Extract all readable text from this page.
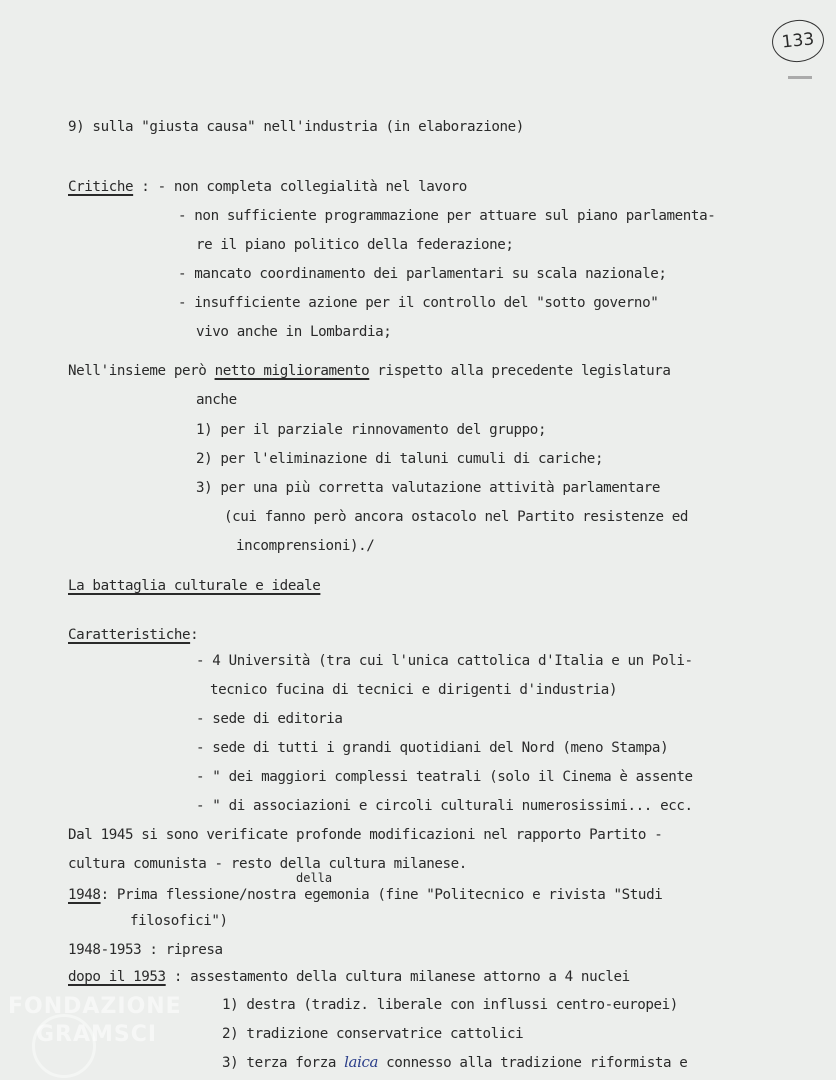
133
9) sulla "giusta causa" nell'industria (in elaborazione)
Critiche : - non completa collegialità nel lavoro
- non sufficiente programmazione per attuare sul piano parlamenta-
re il piano politico della federazione;
- mancato coordinamento dei parlamentari su scala nazionale;
- insufficiente azione per il controllo del "sotto governo"
vivo anche in Lombardia;
Nell'insieme però netto miglioramento rispetto alla precedente legislatura
anche
1) per il parziale rinnovamento del gruppo;
2) per l'eliminazione di taluni cumuli di cariche;
3) per una più corretta valutazione attività parlamentare
(cui fanno però ancora ostacolo nel Partito resistenze ed
incomprensioni)./
La battaglia culturale e ideale
Caratteristiche:
- 4 Università (tra cui l'unica cattolica d'Italia e un Poli-
tecnico fucina di tecnici e dirigenti d'industria)
- sede di editoria
- sede di tutti i grandi quotidiani del Nord (meno Stampa)
- " dei maggiori complessi teatrali (solo il Cinema è assente
- " di associazioni e circoli culturali numerosissimi... ecc.
Dal 1945 si sono verificate profonde modificazioni nel rapporto Partito -
cultura comunista - resto della cultura milanese.
della
1948: Prima flessione/nostra egemonia (fine "Politecnico e rivista "Studi
filosofici")
1948-1953 : ripresa
dopo il 1953 : assestamento della cultura milanese attorno a 4 nuclei
1) destra (tradiz. liberale con influssi centro-europei)
2) tradizione conservatrice cattolici
3) terza forza laica connesso alla tradizione riformista e
FONDAZIONE
GRAMSCI
